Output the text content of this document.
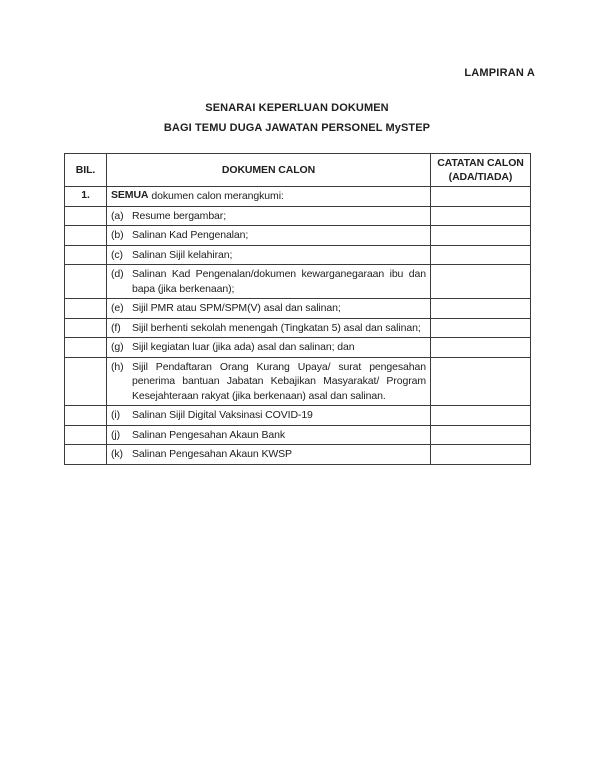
LAMPIRAN A
SENARAI KEPERLUAN DOKUMEN
BAGI TEMU DUGA JAWATAN PERSONEL MySTEP
BIL.	DOKUMEN CALON	CATATAN CALON
(ADA/TIADA)

1.	SEMUA dokumen calon merangkumi:	

	(a) Resume bergambar;	

	(b) Salinan Kad Pengenalan;	

	(c) Salinan Sijil kelahiran;	

	(d) Salinan Kad Pengenalan/dokumen kewarganegaraan ibu dan bapa (jika berkenaan);	

	(e) Sijil PMR atau SPM/SPM(V) asal dan salinan;	

	(f) Sijil berhenti sekolah menengah (Tingkatan 5) asal dan salinan;	

	(g) Sijil kegiatan luar (jika ada) asal dan salinan; dan	

	(h) Sijil Pendaftaran Orang Kurang Upaya/ surat pengesahan penerima bantuan Jabatan Kebajikan Masyarakat/ Program Kesejahteraan rakyat (jika berkenaan) asal dan salinan.	

	(i) Salinan Sijil Digital Vaksinasi COVID-19	

	(j) Salinan Pengesahan Akaun Bank	

	(k) Salinan Pengesahan Akaun KWSP	
